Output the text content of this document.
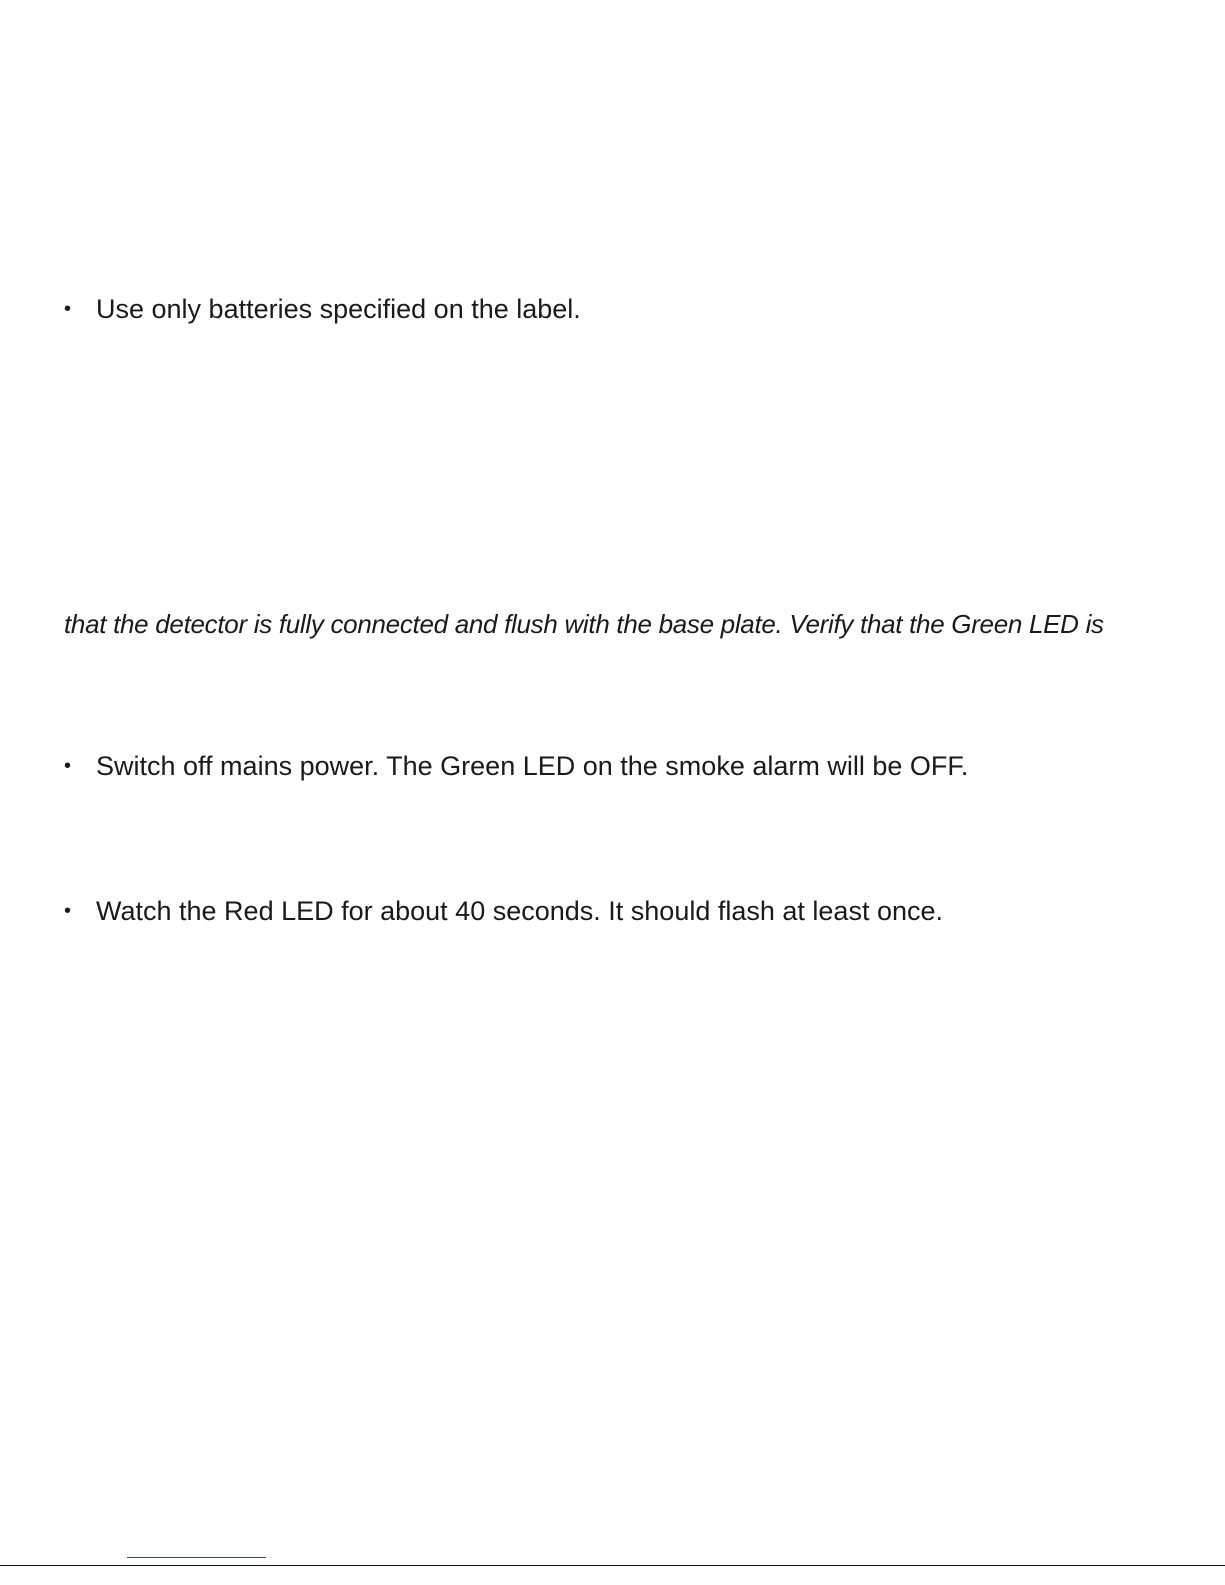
• Use only batteries specified on the label.
that the detector is fully connected and flush with the base plate. Verify that the Green LED is
• Switch off mains power. The Green LED on the smoke alarm will be OFF.
• Watch the Red LED for about 40 seconds. It should flash at least once.
